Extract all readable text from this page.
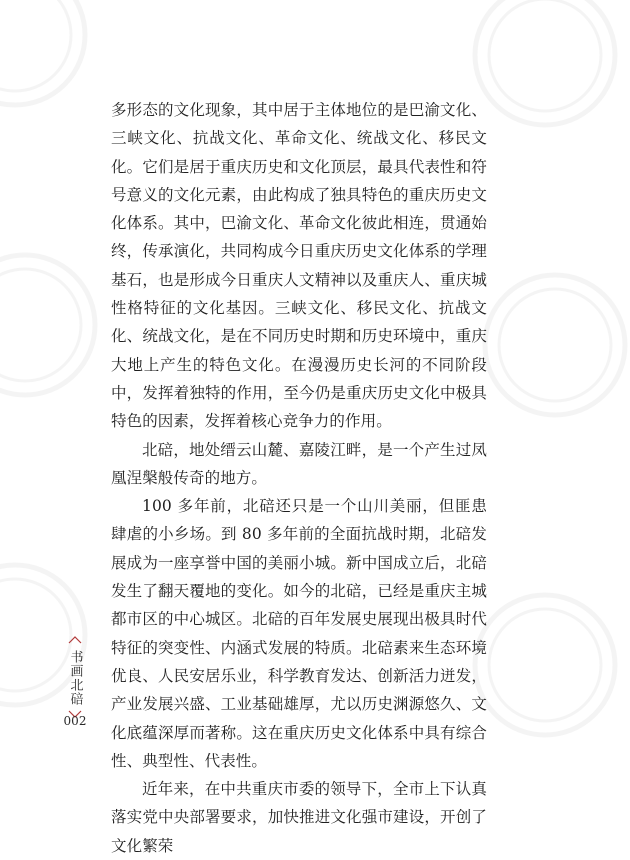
多形态的文化现象，其中居于主体地位的是巴渝文化、三峡文化、抗战文化、革命文化、统战文化、移民文化。它们是居于重庆历史和文化顶层，最具代表性和符号意义的文化元素，由此构成了独具特色的重庆历史文化体系。其中，巴渝文化、革命文化彼此相连，贯通始终，传承演化，共同构成今日重庆历史文化体系的学理基石，也是形成今日重庆人文精神以及重庆人、重庆城性格特征的文化基因。三峡文化、移民文化、抗战文化、统战文化，是在不同历史时期和历史环境中，重庆大地上产生的特色文化。在漫漫历史长河的不同阶段中，发挥着独特的作用，至今仍是重庆历史文化中极具特色的因素，发挥着核心竞争力的作用。

北碚，地处缙云山麓、嘉陵江畔，是一个产生过凤凰涅槃般传奇的地方。

100 多年前，北碚还只是一个山川美丽，但匪患肆虐的小乡场。到 80 多年前的全面抗战时期，北碚发展成为一座享誉中国的美丽小城。新中国成立后，北碚发生了翻天覆地的变化。如今的北碚，已经是重庆主城都市区的中心城区。北碚的百年发展史展现出极具时代特征的突变性、内涵式发展的特质。北碚素来生态环境优良、人民安居乐业，科学教育发达、创新活力迸发，产业发展兴盛、工业基础雄厚，尤以历史渊源悠久、文化底蕴深厚而著称。这在重庆历史文化体系中具有综合性、典型性、代表性。

近年来，在中共重庆市委的领导下，全市上下认真落实党中央部署要求，加快推进文化强市建设，开创了文化繁荣

书画北碚
002
